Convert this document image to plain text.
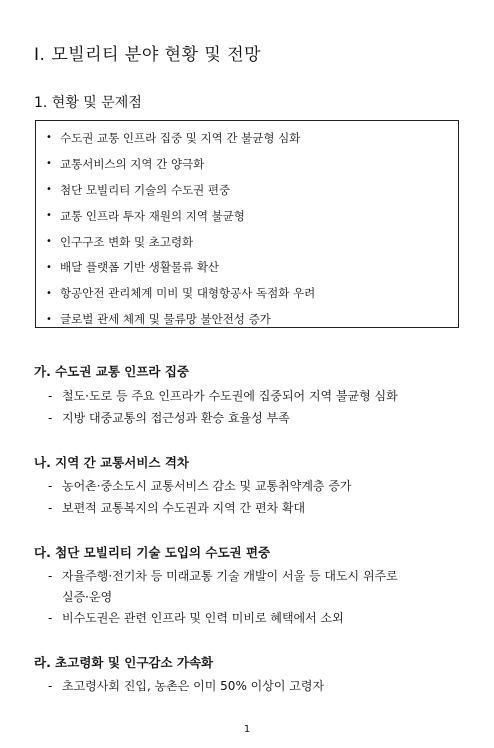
Ⅰ. 모빌리티 분야 현황 및 전망
1. 현황 및 문제점
• 수도권 교통 인프라 집중 및 지역 간 불균형 심화
• 교통서비스의 지역 간 양극화
• 첨단 모빌리티 기술의 수도권 편중
• 교통 인프라 투자 재원의 지역 불균형
• 인구구조 변화 및 초고령화
• 배달 플랫폼 기반 생활물류 확산
• 항공안전 관리체계 미비 및 대형항공사 독점화 우려
• 글로벌 관세 체계 및 물류망 불안전성 증가
가. 수도권 교통 인프라 집중
- 철도·도로 등 주요 인프라가 수도권에 집중되어 지역 불균형 심화
- 지방 대중교통의 접근성과 환승 효율성 부족
나. 지역 간 교통서비스 격차
- 농어촌·중소도시 교통서비스 감소 및 교통취약계층 증가
- 보편적 교통복지의 수도권과 지역 간 편차 확대
다. 첨단 모빌리티 기술 도입의 수도권 편중
- 자율주행·전기차 등 미래교통 기술 개발이 서울 등 대도시 위주로
실증·운영
- 비수도권은 관련 인프라 및 인력 미비로 혜택에서 소외
라. 초고령화 및 인구감소 가속화
- 초고령사회 진입, 농촌은 이미 50% 이상이 고령자
1
